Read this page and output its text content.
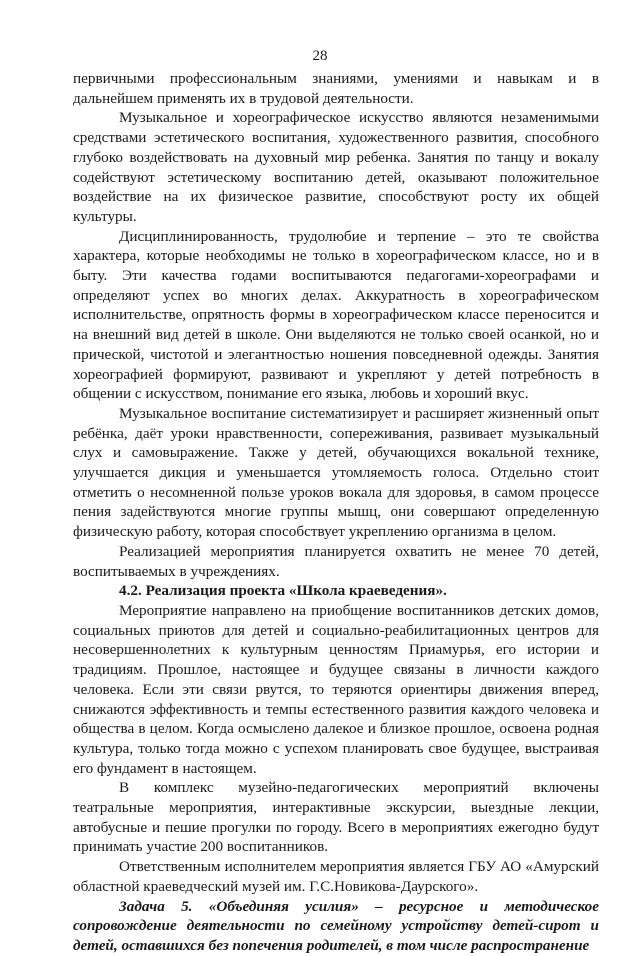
28

первичными профессиональным знаниями, умениями и навыкам и в дальнейшем применять их в трудовой деятельности.

Музыкальное и хореографическое искусство являются незаменимыми средствами эстетического воспитания, художественного развития, способного глубоко воздействовать на духовный мир ребенка. Занятия по танцу и вокалу содействуют эстетическому воспитанию детей, оказывают положительное воздействие на их физическое развитие, способствуют росту их общей культуры.

Дисциплинированность, трудолюбие и терпение – это те свойства характера, которые необходимы не только в хореографическом классе, но и в быту. Эти качества годами воспитываются педагогами-хореографами и определяют успех во многих делах. Аккуратность в хореографическом исполнительстве, опрятность формы в хореографическом классе переносится и на внешний вид детей в школе. Они выделяются не только своей осанкой, но и прической, чистотой и элегантностью ношения повседневной одежды. Занятия хореографией формируют, развивают и укрепляют у детей потребность в общении с искусством, понимание его языка, любовь и хороший вкус.

Музыкальное воспитание систематизирует и расширяет жизненный опыт ребёнка, даёт уроки нравственности, сопереживания, развивает музыкальный слух и самовыражение. Также у детей, обучающихся вокальной технике, улучшается дикция и уменьшается утомляемость голоса. Отдельно стоит отметить о несомненной пользе уроков вокала для здоровья, в самом процессе пения задействуются многие группы мышц, они совершают определенную физическую работу, которая способствует укреплению организма в целом.

Реализацией мероприятия планируется охватить не менее 70 детей, воспитываемых в учреждениях.

4.2. Реализация проекта «Школа краеведения».

Мероприятие направлено на приобщение воспитанников детских домов, социальных приютов для детей и социально-реабилитационных центров для несовершеннолетних к культурным ценностям Приамурья, его истории и традициям. Прошлое, настоящее и будущее связаны в личности каждого человека. Если эти связи рвутся, то теряются ориентиры движения вперед, снижаются эффективность и темпы естественного развития каждого человека и общества в целом. Когда осмыслено далекое и близкое прошлое, освоена родная культура, только тогда можно с успехом планировать свое будущее, выстраивая его фундамент в настоящем.

В комплекс музейно-педагогических мероприятий включены театральные мероприятия, интерактивные экскурсии, выездные лекции, автобусные и пешие прогулки по городу. Всего в мероприятиях ежегодно будут принимать участие 200 воспитанников.

Ответственным исполнителем мероприятия является ГБУ АО «Амурский областной краеведческий музей им. Г.С.Новикова-Даурского».

Задача 5. «Объединяя усилия» – ресурсное и методическое сопровождение деятельности по семейному устройству детей-сирот и детей, оставшихся без попечения родителей, в том числе распространение
